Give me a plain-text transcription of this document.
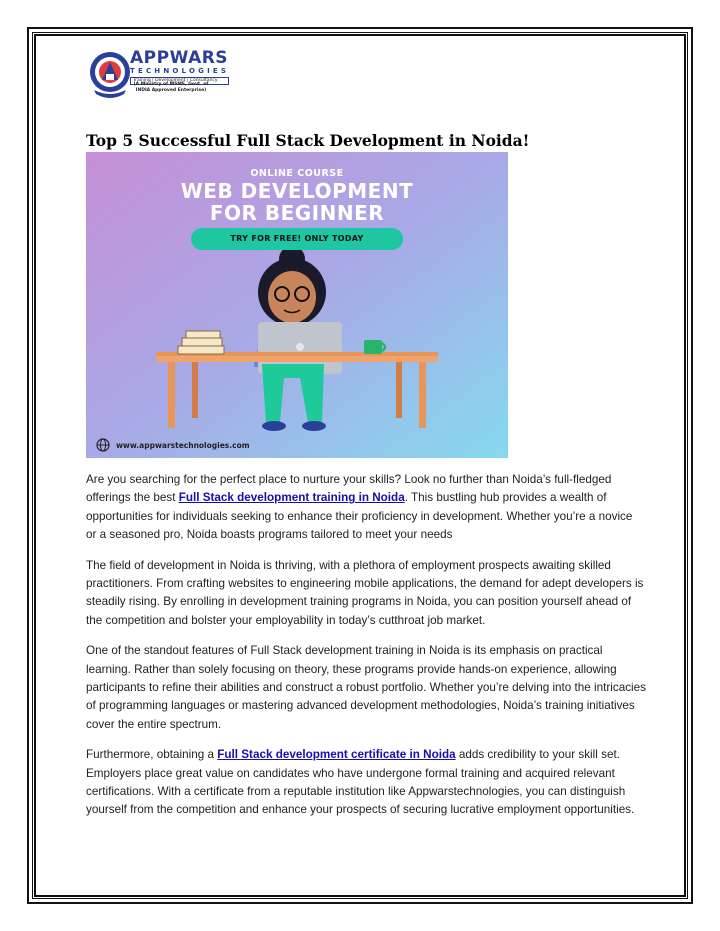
APPWARS
TECHNOLOGIES
Training | Development | Consultancy
(A Ministry of MSME, Govt. of INDIA Approved Enterprise)
Top 5 Successful Full Stack Development in Noida!
ONLINE COURSE
WEB DEVELOPMENT
FOR BEGINNER
TRY FOR FREE! ONLY TODAY
www.appwarstechnologies.com

Are you searching for the perfect place to nurture your skills? Look no further than Noida’s full-fledged offerings the best Full Stack development training in Noida. This bustling hub provides a wealth of opportunities for individuals seeking to enhance their proficiency in development. Whether you’re a novice or a seasoned pro, Noida boasts programs tailored to meet your needs

The field of development in Noida is thriving, with a plethora of employment prospects awaiting skilled practitioners. From crafting websites to engineering mobile applications, the demand for adept developers is steadily rising. By enrolling in development training programs in Noida, you can position yourself ahead of the competition and bolster your employability in today’s cutthroat job market.

One of the standout features of Full Stack development training in Noida is its emphasis on practical learning. Rather than solely focusing on theory, these programs provide hands-on experience, allowing participants to refine their abilities and construct a robust portfolio. Whether you’re delving into the intricacies of programming languages or mastering advanced development methodologies, Noida’s training initiatives cover the entire spectrum.

Furthermore, obtaining a Full Stack development certificate in Noida adds credibility to your skill set. Employers place great value on candidates who have undergone formal training and acquired relevant certifications. With a certificate from a reputable institution like Appwarstechnologies, you can distinguish yourself from the competition and enhance your prospects of securing lucrative employment opportunities.
